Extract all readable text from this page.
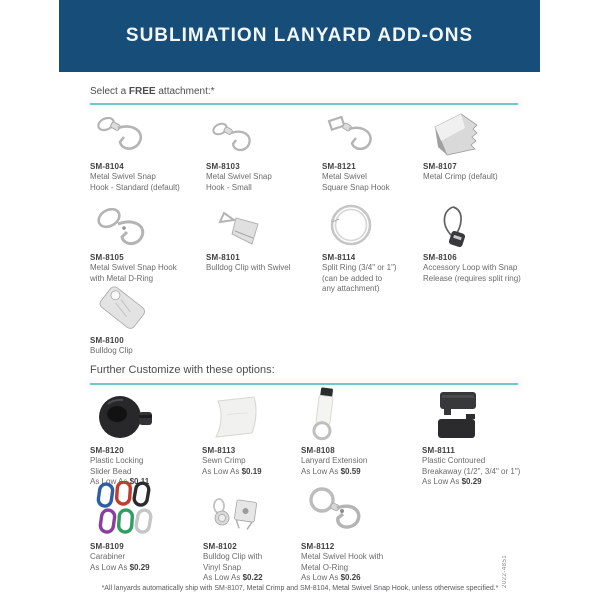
SUBLIMATION LANYARD ADD-ONS
Select a FREE attachment:*
SM-8104
Metal Swivel Snap
Hook - Standard (default)
SM-8103
Metal Swivel Snap
Hook - Small
SM-8121
Metal Swivel
Square Snap Hook
SM-8107
Metal Crimp (default)
SM-8105
Metal Swivel Snap Hook
with Metal D-Ring
SM-8101
Bulldog Clip with Swivel
SM-8114
Split Ring (3/4" or 1")
(can be added to
any attachment)
SM-8106
Accessory Loop with Snap
Release (requires split ring)
SM-8100
Bulldog Clip
Further Customize with these options:
SM-8120
Plastic Locking
Slider Bead
As Low As $0.11
SM-8113
Sewn Crimp
As Low As $0.19
SM-8108
Lanyard Extension
As Low As $0.59
SM-8111
Plastic Contoured
Breakaway (1/2", 3/4" or 1")
As Low As $0.29
SM-8109
Carabiner
As Low As $0.29
SM-8102
Bulldog Clip with
Vinyl Snap
As Low As $0.22
SM-8112
Metal Swivel Hook with
Metal O-Ring
As Low As $0.26
*All lanyards automatically ship with SM-8107, Metal Crimp and SM-8104, Metal Swivel Snap Hook, unless otherwise specified.*
2022-4851
